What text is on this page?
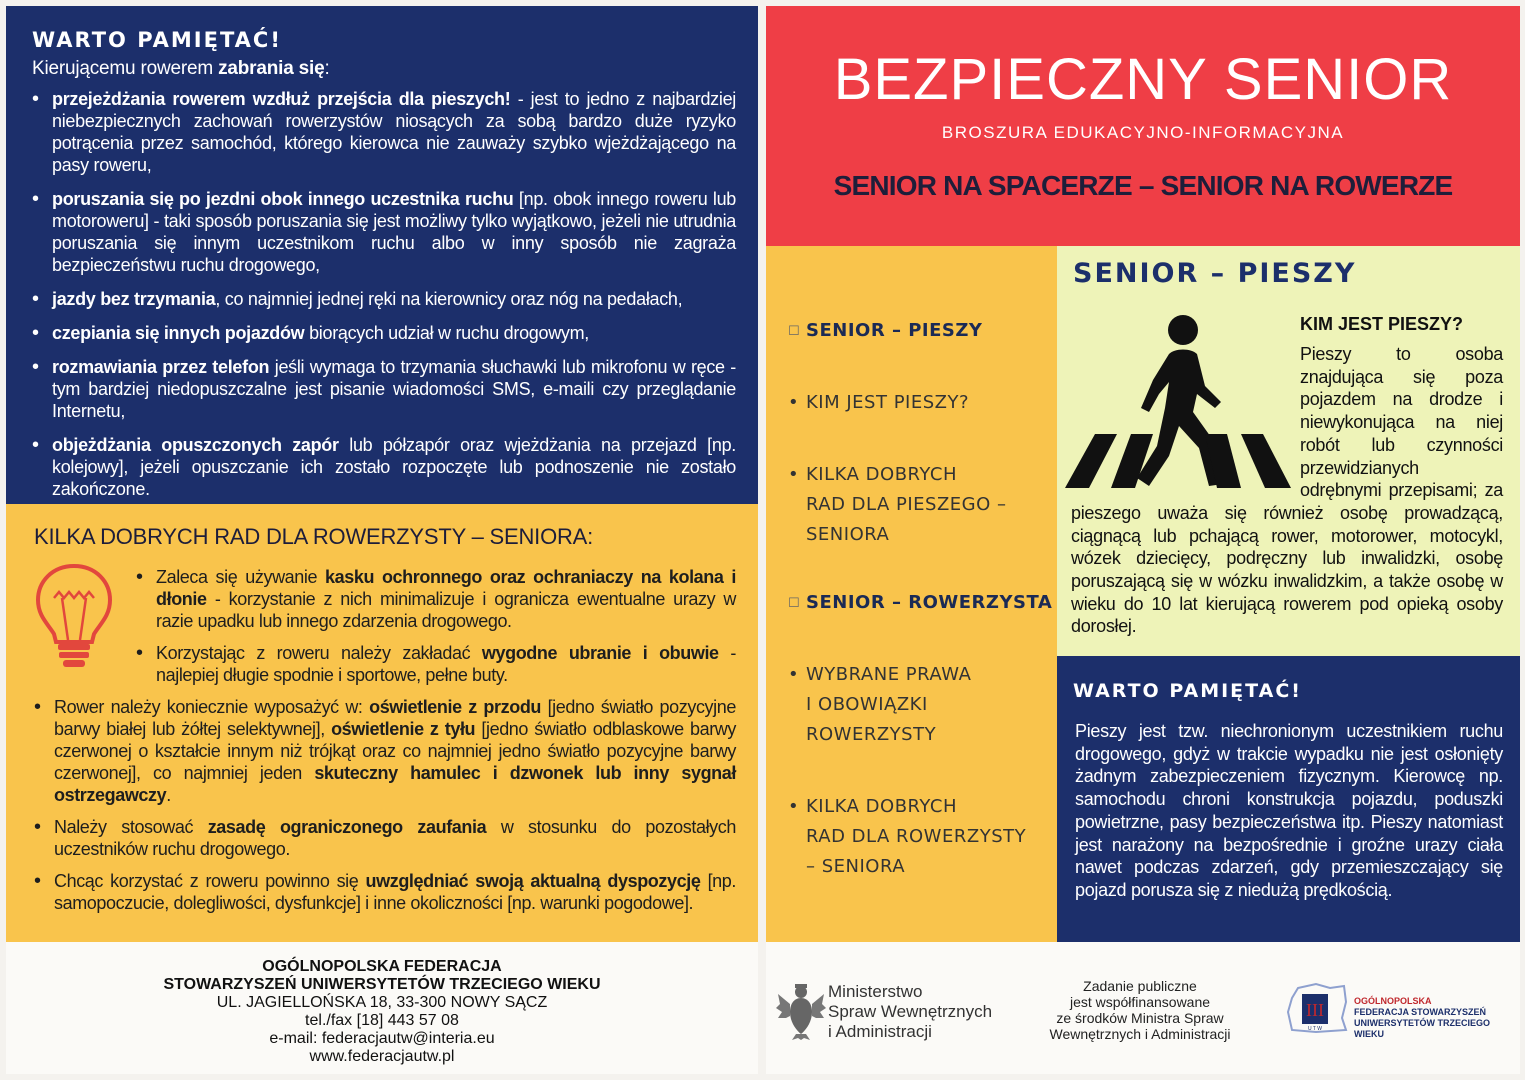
WARTO PAMIĘTAĆ!
Kierującemu rowerem zabrania się:
• przejeżdżania rowerem wzdłuż przejścia dla pieszych! - jest to jedno z najbardziej niebezpiecznych zachowań rowerzystów niosących za sobą bardzo duże ryzyko potrącenia przez samochód, którego kierowca nie zauważy szybko wjeżdżającego na pasy roweru,
• poruszania się po jezdni obok innego uczestnika ruchu [np. obok innego roweru lub motoroweru] - taki sposób poruszania się jest możliwy tylko wyjątkowo, jeżeli nie utrudnia poruszania się innym uczestnikom ruchu albo w inny sposób nie zagraża bezpieczeństwu ruchu drogowego,
• jazdy bez trzymania, co najmniej jednej ręki na kierownicy oraz nóg na pedałach,
• czepiania się innych pojazdów biorących udział w ruchu drogowym,
• rozmawiania przez telefon jeśli wymaga to trzymania słuchawki lub mikrofonu w ręce - tym bardziej niedopuszczalne jest pisanie wiadomości SMS, e-maili czy przeglądanie Internetu,
• objeżdżania opuszczonych zapór lub półzapór oraz wjeżdżania na przejazd [np. kolejowy], jeżeli opuszczanie ich zostało rozpoczęte lub podnoszenie nie zostało zakończone.
KILKA DOBRYCH RAD DLA ROWERZYSTY – SENIORA:
• Zaleca się używanie kasku ochronnego oraz ochraniaczy na kolana i dłonie - korzystanie z nich minimalizuje i ogranicza ewentualne urazy w razie upadku lub innego zdarzenia drogowego.
• Korzystając z roweru należy zakładać wygodne ubranie i obuwie - najlepiej długie spodnie i sportowe, pełne buty.
• Rower należy koniecznie wyposażyć w: oświetlenie z przodu [jedno światło pozycyjne barwy białej lub żółtej selektywnej], oświetlenie z tyłu [jedno światło odblaskowe barwy czerwonej o kształcie innym niż trójkąt oraz co najmniej jedno światło pozycyjne barwy czerwonej], co najmniej jeden skuteczny hamulec i dzwonek lub inny sygnał ostrzegawczy.
• Należy stosować zasadę ograniczonego zaufania w stosunku do pozostałych uczestników ruchu drogowego.
• Chcąc korzystać z roweru powinno się uwzględniać swoją aktualną dyspozycję [np. samopoczucie, dolegliwości, dysfunkcje] i inne okoliczności [np. warunki pogodowe].
OGÓLNOPOLSKA FEDERACJA
STOWARZYSZEŃ UNIWERSYTETÓW TRZECIEGO WIEKU
UL. JAGIELLOŃSKA 18, 33-300 NOWY SĄCZ
tel./fax [18] 443 57 08
e-mail: federacjautw@interia.eu
www.federacjautw.pl
BEZPIECZNY SENIOR
BROSZURA EDUKACYJNO-INFORMACYJNA
SENIOR NA SPACERZE – SENIOR NA ROWERZE
☐ SENIOR – PIESZY
• KIM JEST PIESZY?
• KILKA DOBRYCH
RAD DLA PIESZEGO –
SENIORA
☐ SENIOR – ROWERZYSTA
• WYBRANE PRAWA
I OBOWIĄZKI
ROWERZYSTY
• KILKA DOBRYCH
RAD DLA ROWERZYSTY
– SENIORA
SENIOR – PIESZY
KIM JEST PIESZY?
Pieszy to osoba znajdująca się poza pojazdem na drodze i niewykonująca na niej robót lub czynności przewidzianych odrębnymi przepisami; za pieszego uważa się również osobę prowadzącą, ciągnącą lub pchającą rower, motorower, motocykl, wózek dziecięcy, podręczny lub inwalidzki, osobę poruszającą się w wózku inwalidzkim, a także osobę w wieku do 10 lat kierującą rowerem pod opieką osoby dorosłej.
WARTO PAMIĘTAĆ!

Pieszy jest tzw. niechronionym uczestnikiem ruchu drogowego, gdyż w trakcie wypadku nie jest osłonięty żadnym zabezpieczeniem fizycznym. Kierowcę np. samochodu chroni konstrukcja pojazdu, poduszki powietrzne, pasy bezpieczeństwa itp. Pieszy natomiast jest narażony na bezpośrednie i groźne urazy ciała nawet podczas zdarzeń, gdy przemieszczający się pojazd porusza się z niedużą prędkością.

Ministerstwo
Spraw Wewnętrznych
i Administracji
Zadanie publiczne
jest współfinansowane
ze środków Ministra Spraw
Wewnętrznych i Administracji
III
U T W
OGÓLNOPOLSKA
FEDERACJA STOWARZYSZEŃ
UNIWERSYTETÓW TRZECIEGO WIEKU
